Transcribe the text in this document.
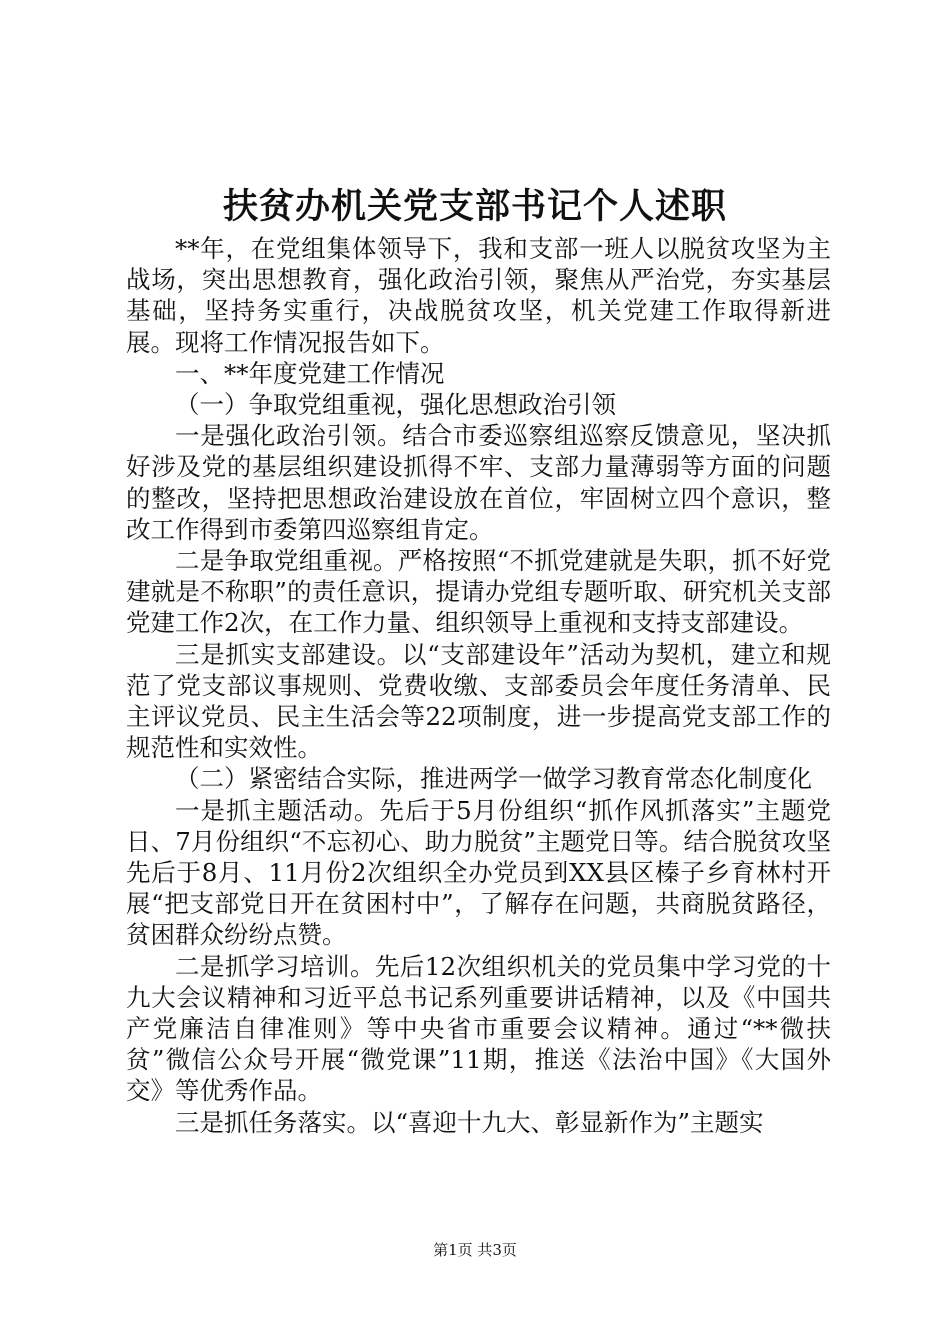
扶贫办机关党支部书记个人述职

**年，在党组集体领导下，我和支部一班人以脱贫攻坚为主战场，突出思想教育，强化政治引领，聚焦从严治党，夯实基层基础，坚持务实重行，决战脱贫攻坚，机关党建工作取得新进展。现将工作情况报告如下。

一、**年度党建工作情况

（一）争取党组重视，强化思想政治引领

一是强化政治引领。结合市委巡察组巡察反馈意见，坚决抓好涉及党的基层组织建设抓得不牢、支部力量薄弱等方面的问题的整改，坚持把思想政治建设放在首位，牢固树立四个意识，整改工作得到市委第四巡察组肯定。

二是争取党组重视。严格按照“不抓党建就是失职，抓不好党建就是不称职”的责任意识，提请办党组专题听取、研究机关支部党建工作2次，在工作力量、组织领导上重视和支持支部建设。

三是抓实支部建设。以“支部建设年”活动为契机，建立和规范了党支部议事规则、党费收缴、支部委员会年度任务清单、民主评议党员、民主生活会等22项制度，进一步提高党支部工作的规范性和实效性。

（二）紧密结合实际，推进两学一做学习教育常态化制度化

一是抓主题活动。先后于5月份组织“抓作风抓落实”主题党日、7月份组织“不忘初心、助力脱贫”主题党日等。结合脱贫攻坚先后于8月、11月份2次组织全办党员到XX县区榛子乡育林村开展“把支部党日开在贫困村中”，了解存在问题，共商脱贫路径，贫困群众纷纷点赞。

二是抓学习培训。先后12次组织机关的党员集中学习党的十九大会议精神和习近平总书记系列重要讲话精神，以及《中国共产党廉洁自律准则》等中央省市重要会议精神。通过“**微扶贫”微信公众号开展“微党课”11期，推送《法治中国》《大国外交》等优秀作品。

三是抓任务落实。以“喜迎十九大、彰显新作为”主题实

第1页 共3页
